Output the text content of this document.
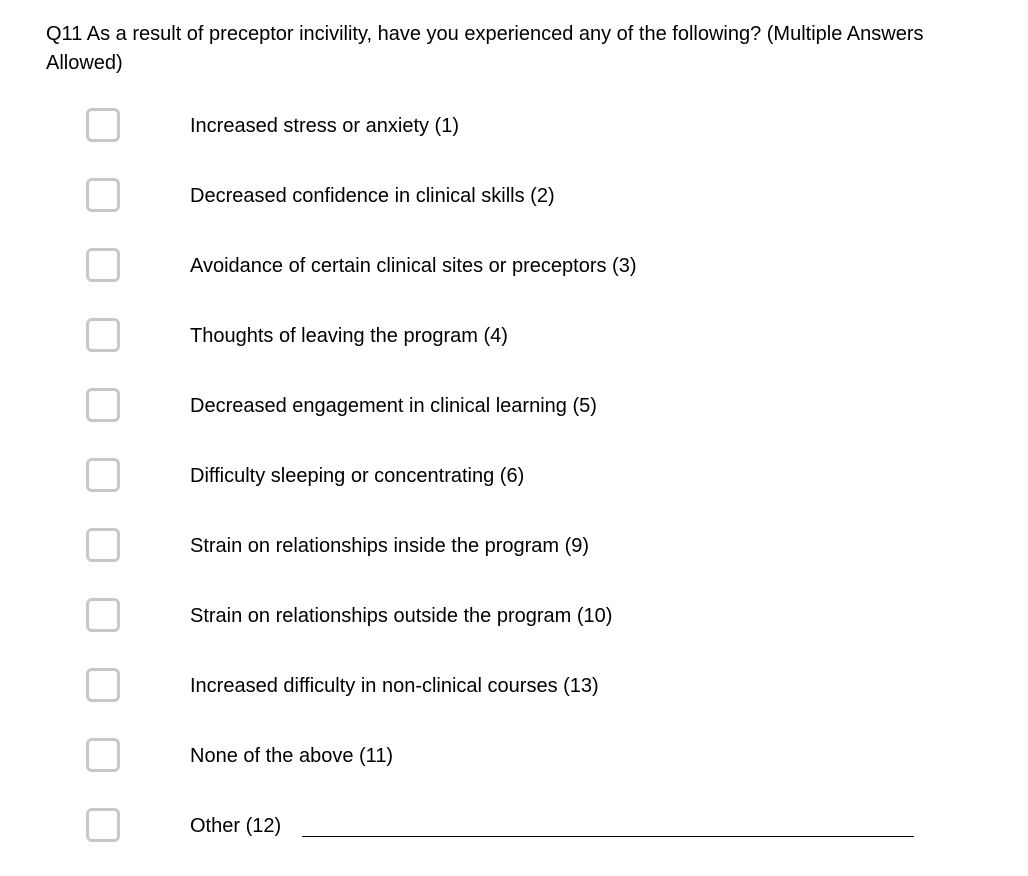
Q11 As a result of preceptor incivility, have you experienced any of the following? (Multiple Answers Allowed)
Increased stress or anxiety (1)
Decreased confidence in clinical skills (2)
Avoidance of certain clinical sites or preceptors (3)
Thoughts of leaving the program (4)
Decreased engagement in clinical learning (5)
Difficulty sleeping or concentrating (6)
Strain on relationships inside the program (9)
Strain on relationships outside the program (10)
Increased difficulty in non-clinical courses (13)
None of the above (11)
Other (12)
